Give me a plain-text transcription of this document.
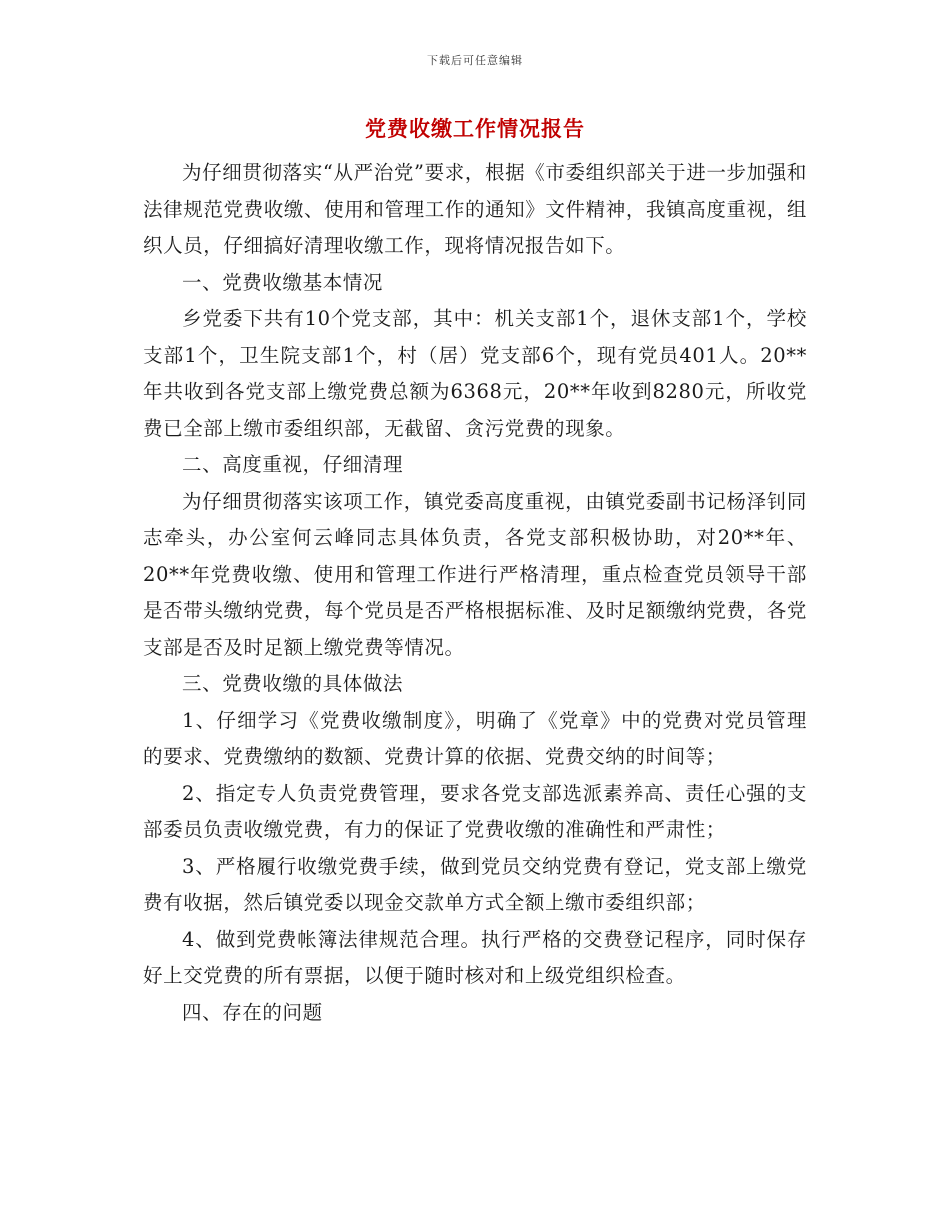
下载后可任意编辑
党费收缴工作情况报告

为仔细贯彻落实“从严治党”要求，根据《市委组织部关于进一步加强和法律规范党费收缴、使用和管理工作的通知》文件精神，我镇高度重视，组织人员，仔细搞好清理收缴工作，现将情况报告如下。

一、党费收缴基本情况

乡党委下共有10个党支部，其中：机关支部1个，退休支部1个，学校支部1个，卫生院支部1个，村（居）党支部6个，现有党员401人。20**年共收到各党支部上缴党费总额为6368元，20**年收到8280元，所收党费已全部上缴市委组织部，无截留、贪污党费的现象。

二、高度重视，仔细清理

为仔细贯彻落实该项工作，镇党委高度重视，由镇党委副书记杨泽钊同志牵头，办公室何云峰同志具体负责，各党支部积极协助，对20**年、20**年党费收缴、使用和管理工作进行严格清理，重点检查党员领导干部是否带头缴纳党费，每个党员是否严格根据标准、及时足额缴纳党费，各党支部是否及时足额上缴党费等情况。

三、党费收缴的具体做法

1、仔细学习《党费收缴制度》，明确了《党章》中的党费对党员管理的要求、党费缴纳的数额、党费计算的依据、党费交纳的时间等；

2、指定专人负责党费管理，要求各党支部选派素养高、责任心强的支部委员负责收缴党费，有力的保证了党费收缴的准确性和严肃性；

3、严格履行收缴党费手续，做到党员交纳党费有登记，党支部上缴党费有收据，然后镇党委以现金交款单方式全额上缴市委组织部；

4、做到党费帐簿法律规范合理。执行严格的交费登记程序，同时保存好上交党费的所有票据，以便于随时核对和上级党组织检查。

四、存在的问题
